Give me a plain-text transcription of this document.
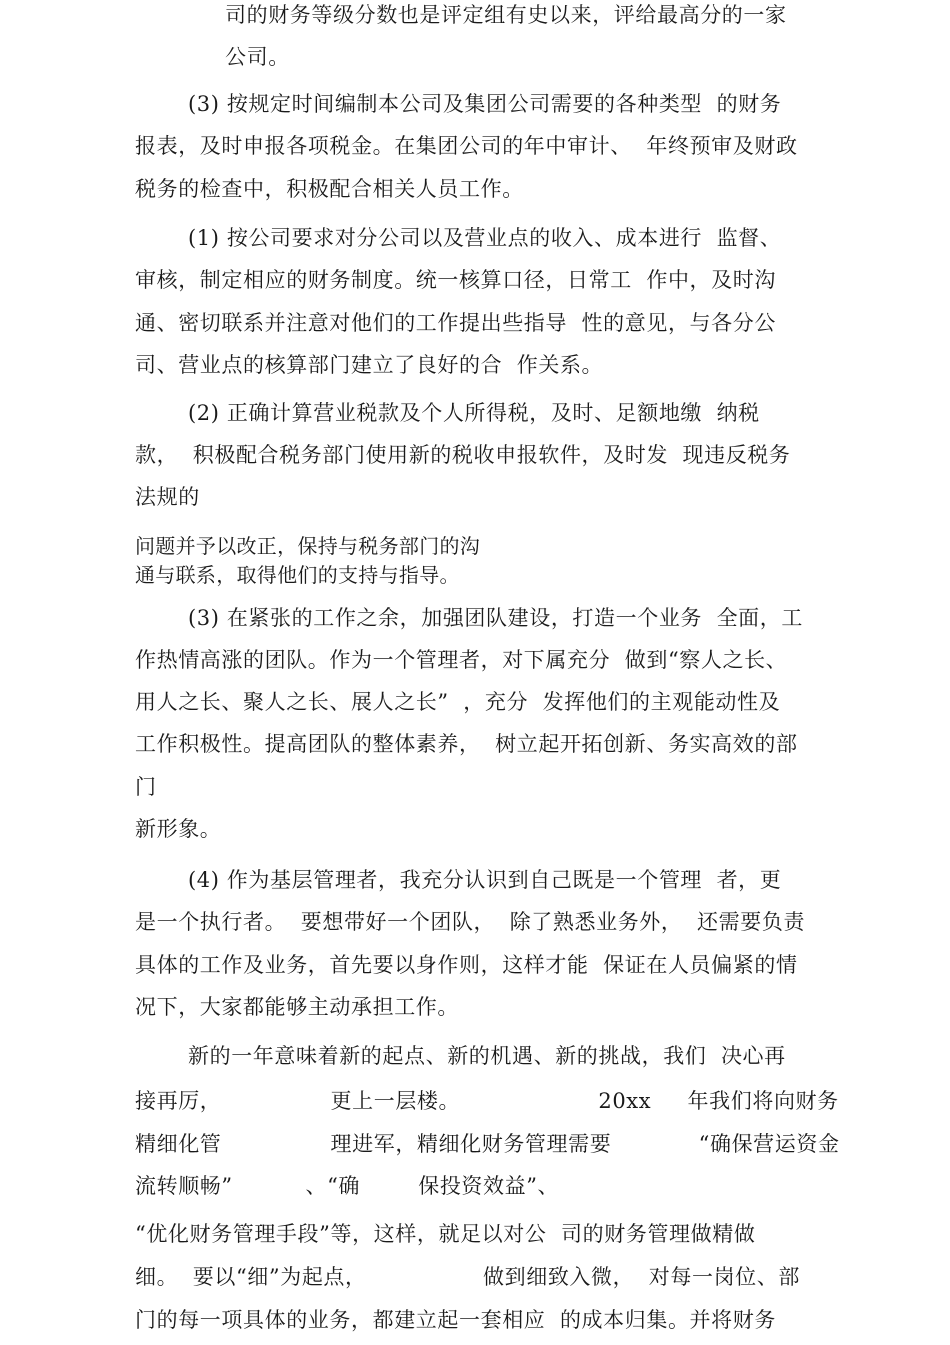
司的财务等级分数也是评定组有史以来，评给最高分的一家
公司。
(3) 按规定时间编制本公司及集团公司需要的各种类型  的财务
报表，及时申报各项税金。在集团公司的年中审计、  年终预审及财政
税务的检查中，积极配合相关人员工作。
(1) 按公司要求对分公司以及营业点的收入、成本进行  监督、
审核，制定相应的财务制度。统一核算口径，日常工  作中，及时沟
通、密切联系并注意对他们的工作提出些指导  性的意见，与各分公
司、营业点的核算部门建立了良好的合  作关系。
(2) 正确计算营业税款及个人所得税，及时、足额地缴  纳税
款，  积极配合税务部门使用新的税收申报软件，及时发  现违反税务
法规的
问题并予以改正，保持与税务部门的沟
通与联系，取得他们的支持与指导。
(3) 在紧张的工作之余，加强团队建设，打造一个业务  全面，工
作热情高涨的团队。作为一个管理者，对下属充分  做到“察人之长、
用人之长、聚人之长、展人之长”  ，充分  发挥他们的主观能动性及
工作积极性。提高团队的整体素养，  树立起开拓创新、务实高效的部
门
新形象。
(4) 作为基层管理者，我充分认识到自己既是一个管理  者，更
是一个执行者。  要想带好一个团队，  除了熟悉业务外，  还需要负责
具体的工作及业务，首先要以身作则，这样才能  保证在人员偏紧的情
况下，大家都能够主动承担工作。
新的一年意味着新的起点、新的机遇、新的挑战，我们  决心再
接再厉，               更上一层楼。                   20xx     年我们将向财务
精细化管               理进军，精细化财务管理需要            “确保营运资金
流转顺畅”          、“确        保投资效益”、
“优化财务管理手段”等，这样，就足以对公  司的财务管理做精做
细。  要以“细”为起点，                做到细致入微，  对每一岗位、部
门的每一项具体的业务，都建立起一套相应  的成本归集。并将财务
